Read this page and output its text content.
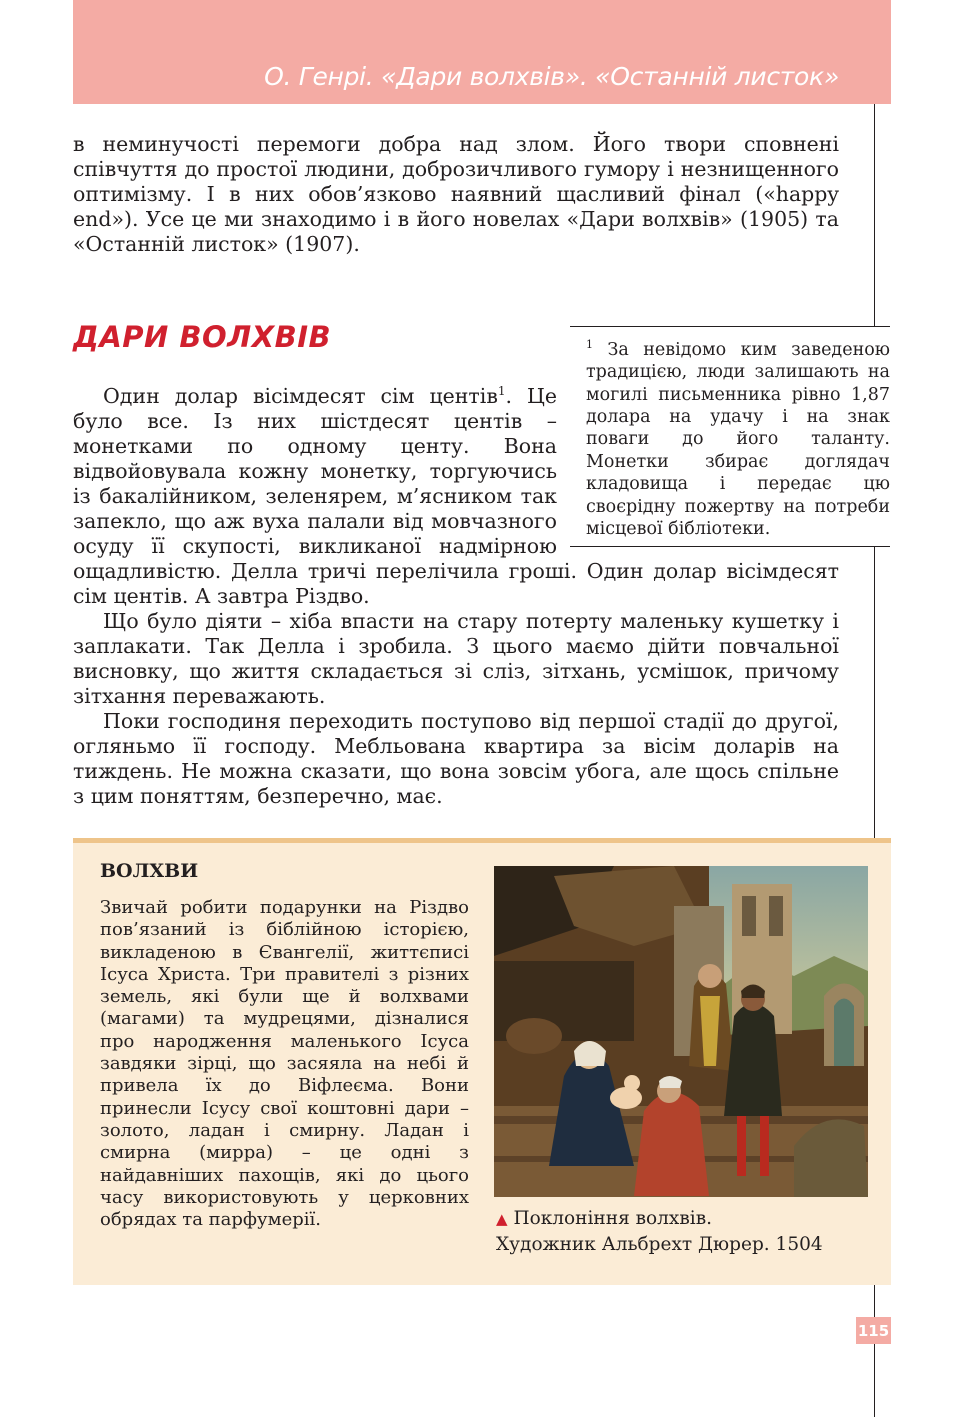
О. Генрі. «Дари волхвів». «Останній листок»

в неминучості перемоги добра над злом. Його твори сповнені співчуття до простої людини, доброзичливого гумору і незнищенного оптимізму. І в них обов’язково наявний щасливий фінал («happy end»). Усе це ми знаходимо і в його новелах «Дари волхвів» (1905) та «Останній листок» (1907).

ДАРИ ВОЛХВІВ	$^1$ За невідомо ким заведеною традицією, люди залишають на могилі письменника рівно 1,87 долара на удачу і на знак поваги до його таланту. Монетки збирає доглядач кладовища і передає цю своєрідну пожертву на потреби місцевої бібліотеки.

Один долар вісімдесят сім центів$^1$. Це було все. Із них шістдесят центів – монетками по одному центу. Вона відвойовувала кожну монетку, торгуючись із бакалійником, зеленярем, м’ясником так запекло, що аж вуха палали від мовчазного осуду її скупості, викликаної надмірною ощадливістю. Делла тричі перелічила гроші. Один долар вісімдесят сім центів. А завтра Різдво.

Що було діяти – хіба впасти на стару потерту маленьку кушетку і заплакати. Так Делла і зробила. З цього маємо дійти повчальної висновку, що життя складається зі сліз, зітхань, усмішок, причому зітхання переважають.

Поки господиня переходить поступово від першої стадії до другої, огляньмо її господу. Мебльована квартира за вісім доларів на тиждень. Не можна сказати, що вона зовсім убога, але щось спільне з цим поняттям, безперечно, має.

ВОЛХВИ

Звичай робити подарунки на Різдво пов’язаний із біблійною історією, викладеною в Євангелії, життєписі Ісуса Христа. Три правителі з різних земель, які були ще й волхвами (магами) та мудрецями, дізналися про народження маленького Ісуса завдяки зірці, що засяяла на небі й привела їх до Віфлеєма. Вони принесли Ісусу свої коштовні дари – золото, ладан і смирну. Ладан і смирна (мирра) – це одні з найдавніших пахощів, які до цього часу використовують у церковних обрядах та парфумерії.	▲ Поклоніння волхвів.
Художник Альбрехт Дюрер. 1504
115
